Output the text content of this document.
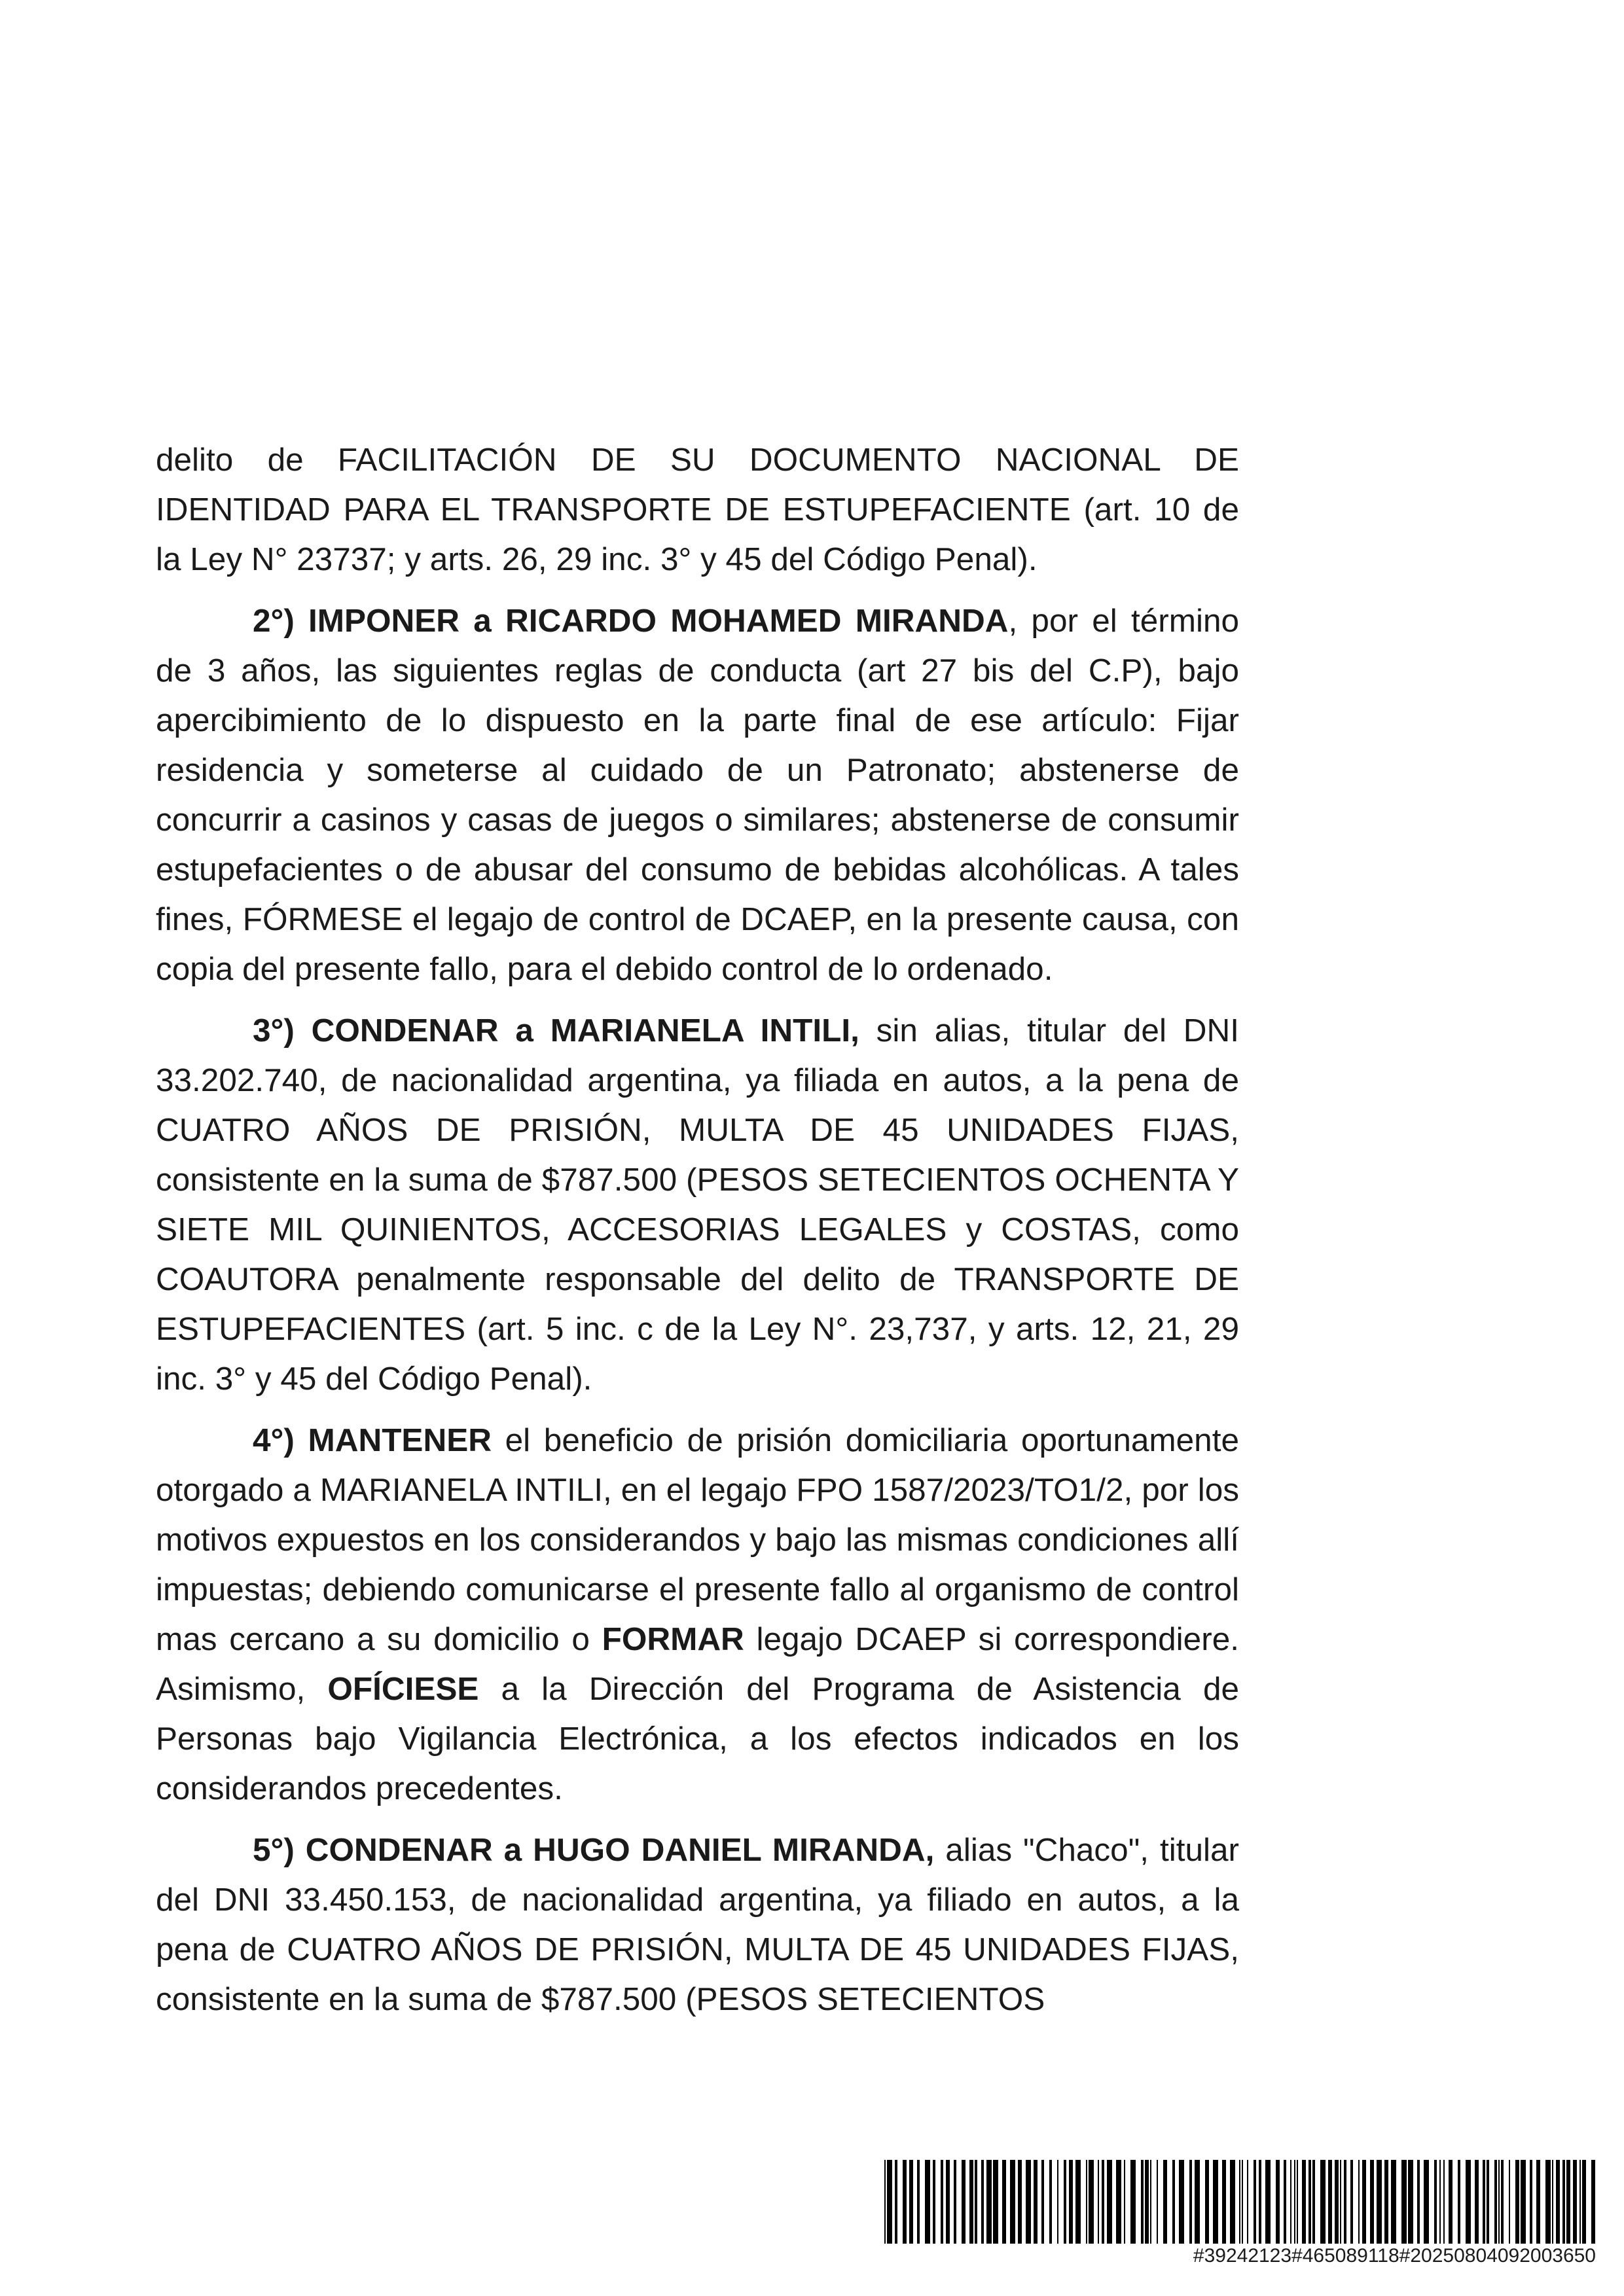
delito de FACILITACIÓN DE SU DOCUMENTO NACIONAL DE IDENTIDAD PARA EL TRANSPORTE DE ESTUPEFACIENTE (art. 10 de la Ley N° 23737; y arts. 26, 29 inc. 3° y 45 del Código Penal).

2°) IMPONER a RICARDO MOHAMED MIRANDA, por el término de 3 años, las siguientes reglas de conducta (art 27 bis del C.P), bajo apercibimiento de lo dispuesto en la parte final de ese artículo: Fijar residencia y someterse al cuidado de un Patronato; abstenerse de concurrir a casinos y casas de juegos o similares; abstenerse de consumir estupefacientes o de abusar del consumo de bebidas alcohólicas. A tales fines, FÓRMESE el legajo de control de DCAEP, en la presente causa, con copia del presente fallo, para el debido control de lo ordenado.

3°) CONDENAR a MARIANELA INTILI, sin alias, titular del DNI 33.202.740, de nacionalidad argentina, ya filiada en autos, a la pena de CUATRO AÑOS DE PRISIÓN, MULTA DE 45 UNIDADES FIJAS, consistente en la suma de $787.500 (PESOS SETECIENTOS OCHENTA Y SIETE MIL QUINIENTOS, ACCESORIAS LEGALES y COSTAS, como COAUTORA penalmente responsable del delito de TRANSPORTE DE ESTUPEFACIENTES (art. 5 inc. c de la Ley N°. 23,737, y arts. 12, 21, 29 inc. 3° y 45 del Código Penal).

4°) MANTENER el beneficio de prisión domiciliaria oportunamente otorgado a MARIANELA INTILI, en el legajo FPO 1587/2023/TO1/2, por los motivos expuestos en los considerandos y bajo las mismas condiciones allí impuestas; debiendo comunicarse el presente fallo al organismo de control mas cercano a su domicilio o FORMAR legajo DCAEP si correspondiere. Asimismo, OFÍCIESE a la Dirección del Programa de Asistencia de Personas bajo Vigilancia Electrónica, a los efectos indicados en los considerandos precedentes.

5°) CONDENAR a HUGO DANIEL MIRANDA, alias "Chaco", titular del DNI 33.450.153, de nacionalidad argentina, ya filiado en autos, a la pena de CUATRO AÑOS DE PRISIÓN, MULTA DE 45 UNIDADES FIJAS, consistente en la suma de $787.500 (PESOS SETECIENTOS

#39242123#465089118#20250804092003650
